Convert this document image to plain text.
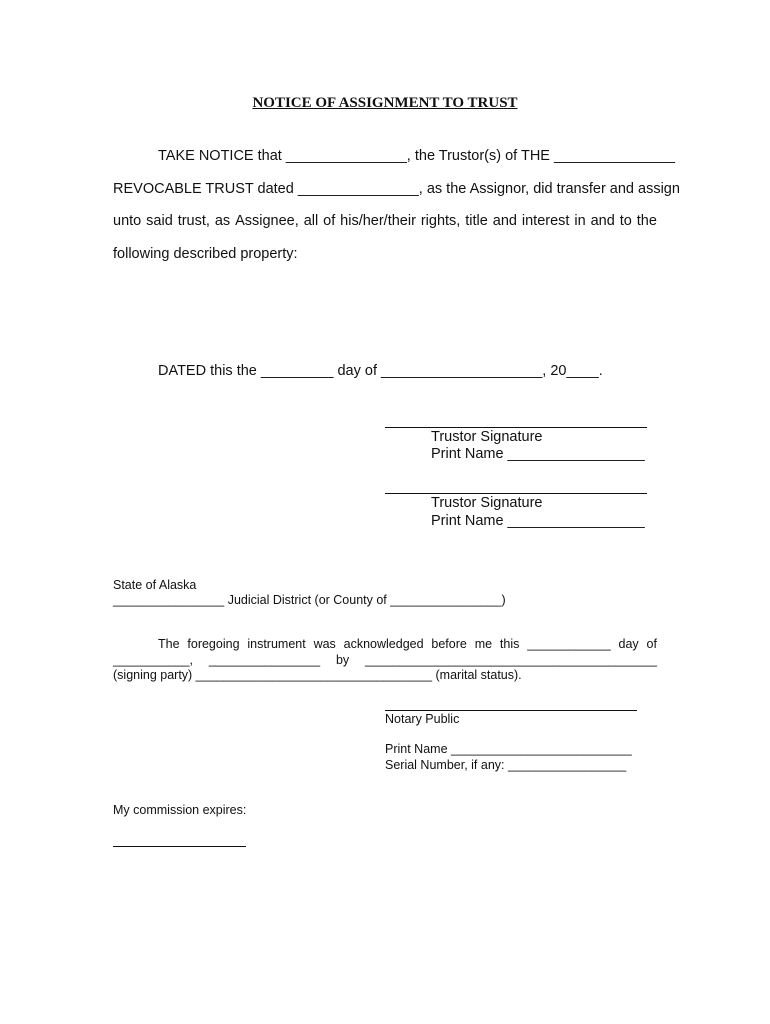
NOTICE OF ASSIGNMENT TO TRUST
TAKE NOTICE that _______________, the Trustor(s) of THE _______________
REVOCABLE TRUST dated _______________, as the Assignor, did transfer and assign
unto said trust, as Assignee, all of his/her/their rights, title and interest in and to the
following described property:
DATED this the _________ day of ____________________, 20____.
Trustor Signature
Print Name _________________
Trustor Signature
Print Name _________________
State of Alaska
________________ Judicial District (or County of ________________)
The foregoing instrument was acknowledged before me this ____________ day of
___________, ________________ by __________________________________________
(signing party) __________________________________ (marital status).
Notary Public
Print Name __________________________
Serial Number, if any: _________________
My commission expires:
